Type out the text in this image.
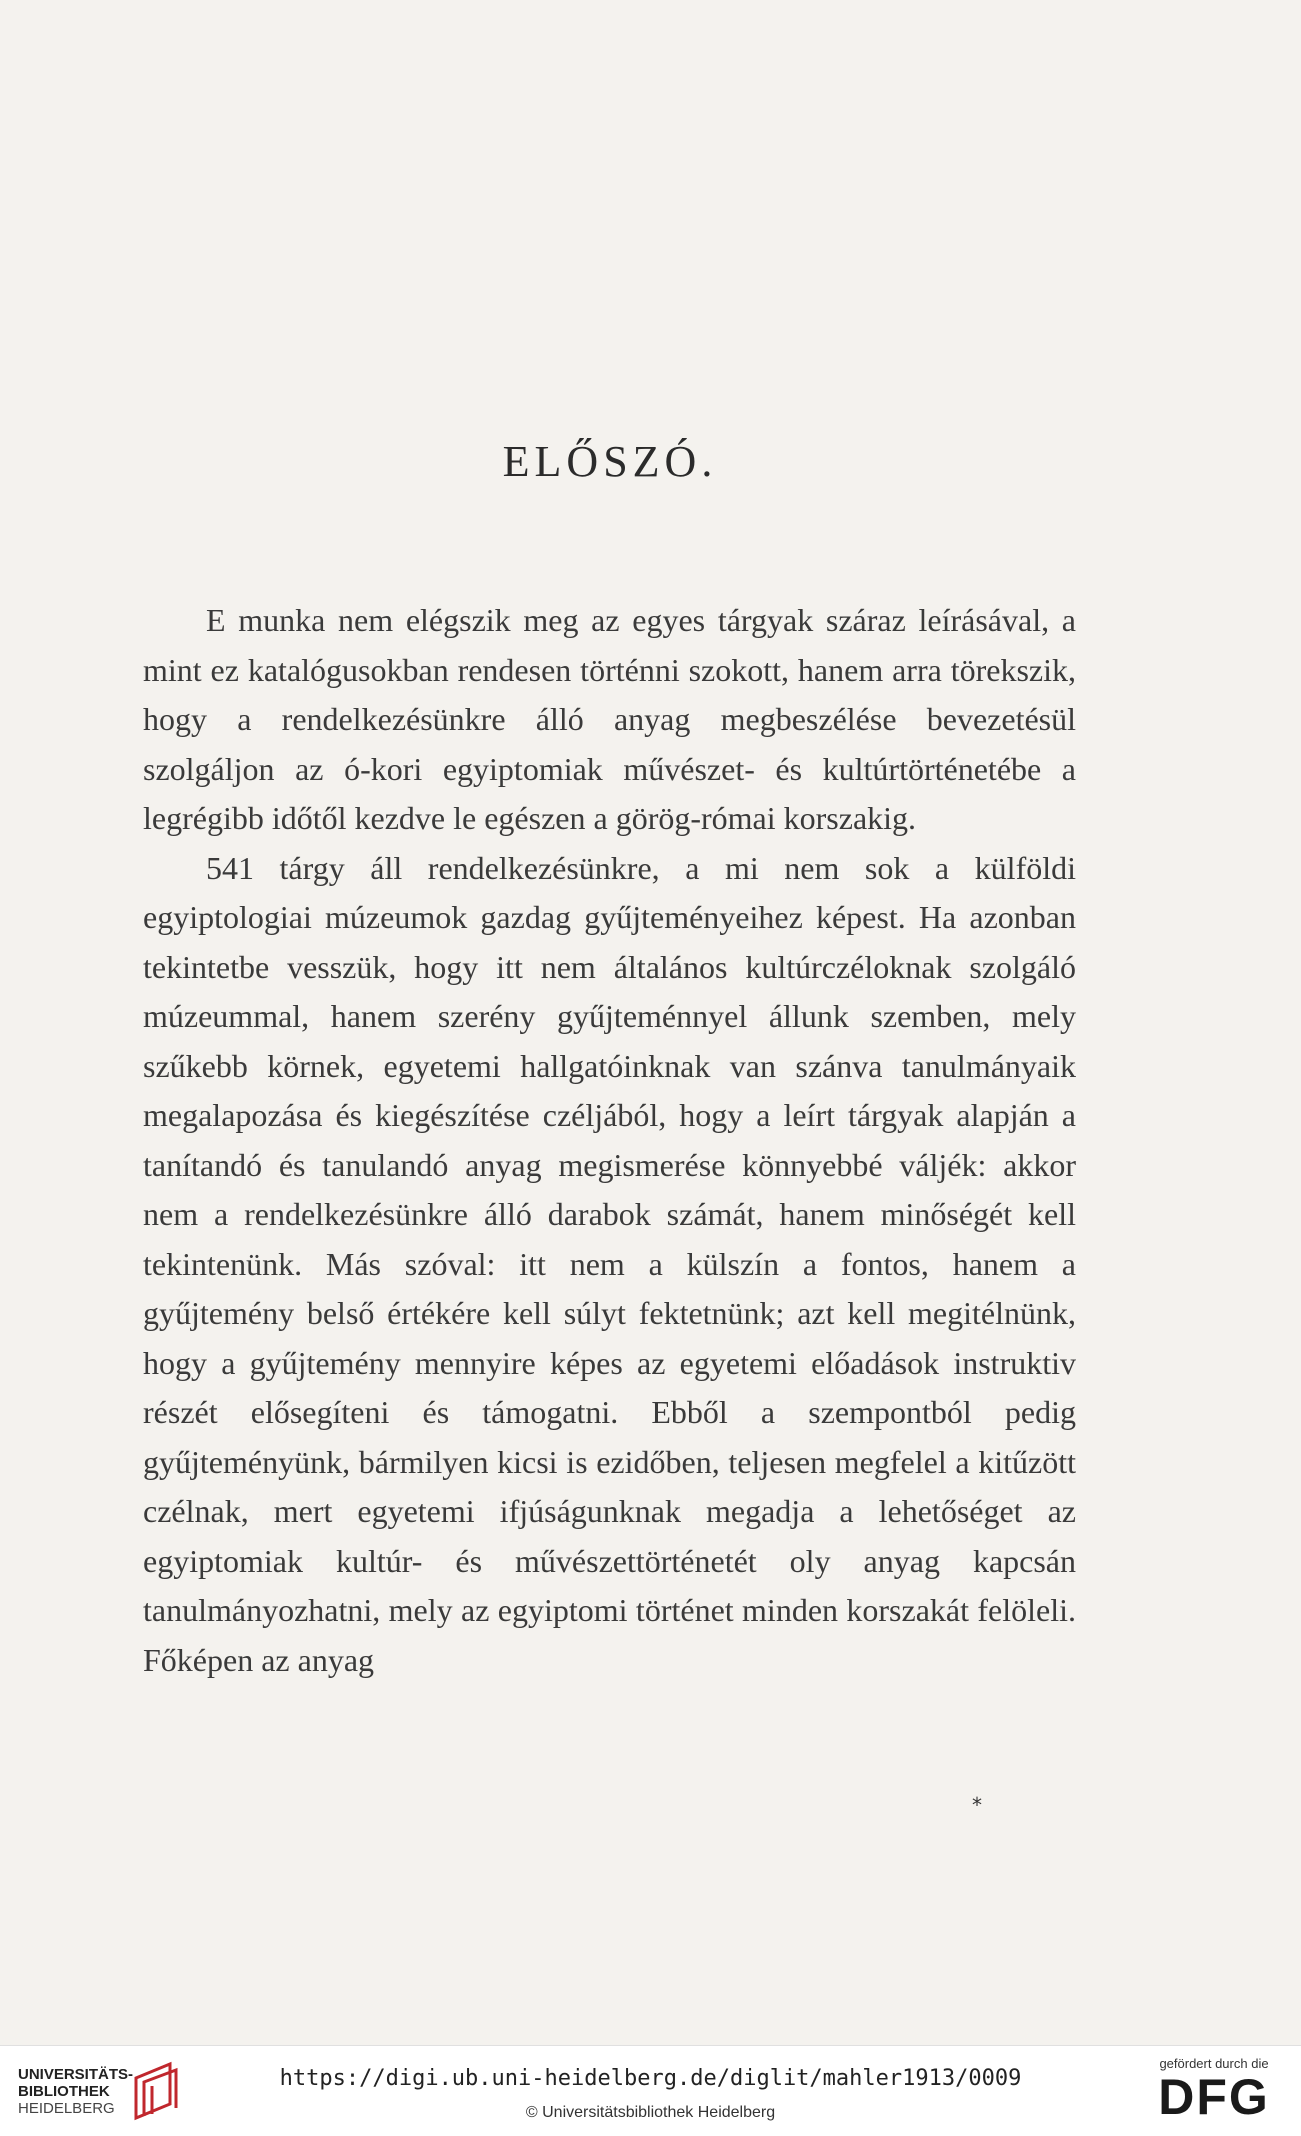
ELŐSZÓ.

E munka nem elégszik meg az egyes tárgyak száraz leírásával, a mint ez katalógusokban rendesen történni szokott, hanem arra törekszik, hogy a rendelkezésünkre álló anyag megbeszélése bevezetésül szolgáljon az ó-kori egyiptomiak művészet- és kultúrtörténetébe a legrégibb időtől kezdve le egészen a görög-római korszakig.

541 tárgy áll rendelkezésünkre, a mi nem sok a külföldi egyiptologiai múzeumok gazdag gyűjteményeihez képest. Ha azonban tekintetbe vesszük, hogy itt nem általános kultúrczéloknak szolgáló múzeummal, hanem szerény gyűjteménnyel állunk szemben, mely szűkebb körnek, egyetemi hallgatóinknak van szánva tanulmányaik megalapozása és kiegészítése czéljából, hogy a leírt tárgyak alapján a tanítandó és tanulandó anyag megismerése könnyebbé váljék: akkor nem a rendelkezésünkre álló darabok számát, hanem minőségét kell tekintenünk. Más szóval: itt nem a külszín a fontos, hanem a gyűjtemény belső értékére kell súlyt fektetnünk; azt kell megitélnünk, hogy a gyűjtemény mennyire képes az egyetemi előadások instruktiv részét elősegíteni és támogatni. Ebből a szempontból pedig gyűjteményünk, bármilyen kicsi is ezidőben, teljesen megfelel a kitűzött czélnak, mert egyetemi ifjúságunknak megadja a lehetőséget az egyiptomiak kultúr- és művészettörténetét oly anyag kapcsán tanulmányozhatni, mely az egyiptomi történet minden korszakát felöleli. Főképen az anyag

*
UNIVERSITÄTS-
BIBLIOTHEK
HEIDELBERG
https://digi.ub.uni-heidelberg.de/diglit/mahler1913/0009
© Universitätsbibliothek Heidelberg
gefördert durch die
DFG
